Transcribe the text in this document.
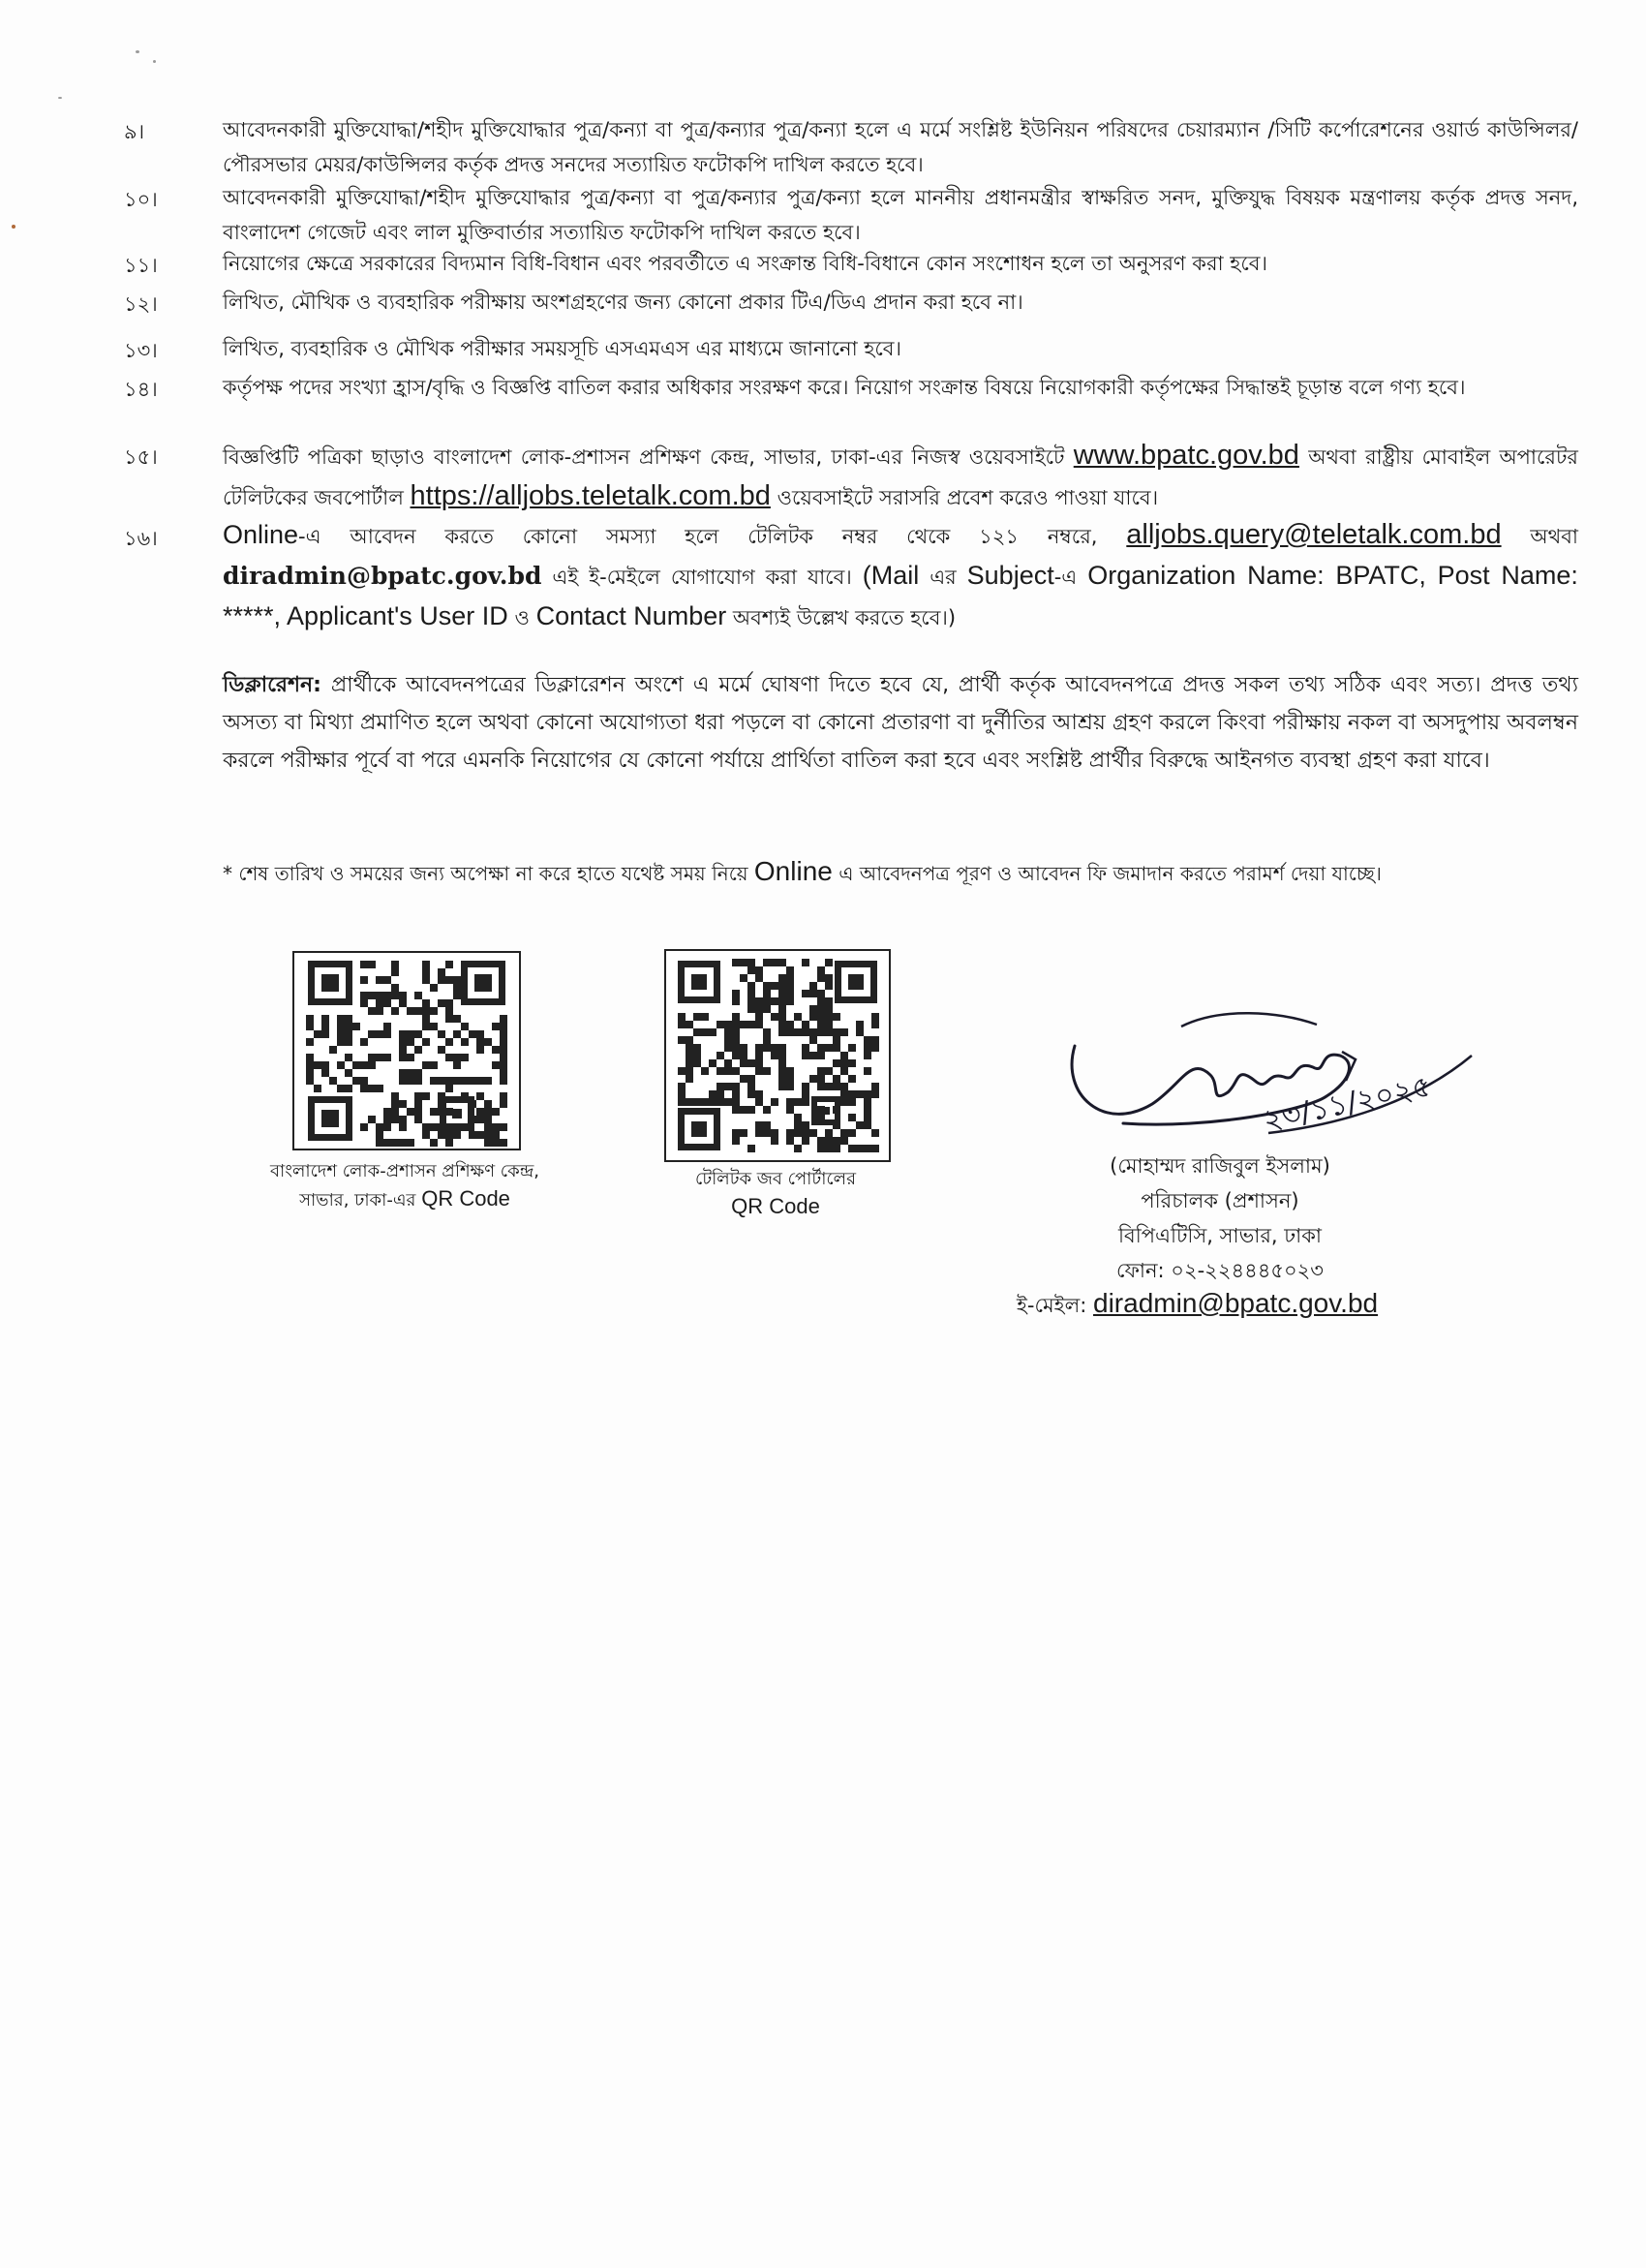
৯।	আবেদনকারী মুক্তিযোদ্ধা/শহীদ মুক্তিযোদ্ধার পুত্র/কন্যা বা পুত্র/কন্যার পুত্র/কন্যা হলে এ মর্মে সংশ্লিষ্ট ইউনিয়ন পরিষদের চেয়ারম্যান /সিটি কর্পোরেশনের ওয়ার্ড কাউন্সিলর/পৌরসভার মেয়র/কাউন্সিলর কর্তৃক প্রদত্ত সনদের সত্যায়িত ফটোকপি দাখিল করতে হবে।
১০।	আবেদনকারী মুক্তিযোদ্ধা/শহীদ মুক্তিযোদ্ধার পুত্র/কন্যা বা পুত্র/কন্যার পুত্র/কন্যা হলে মাননীয় প্রধানমন্ত্রীর স্বাক্ষরিত সনদ, মুক্তিযুদ্ধ বিষয়ক মন্ত্রণালয় কর্তৃক প্রদত্ত সনদ, বাংলাদেশ গেজেট এবং লাল মুক্তিবার্তার সত্যায়িত ফটোকপি দাখিল করতে হবে।
১১।	নিয়োগের ক্ষেত্রে সরকারের বিদ্যমান বিধি-বিধান এবং পরবর্তীতে এ সংক্রান্ত বিধি-বিধানে কোন সংশোধন হলে তা অনুসরণ করা হবে।
১২।	লিখিত, মৌখিক ও ব্যবহারিক পরীক্ষায় অংশগ্রহণের জন্য কোনো প্রকার টিএ/ডিএ প্রদান করা হবে না।
১৩।	লিখিত, ব্যবহারিক ও মৌখিক পরীক্ষার সময়সূচি এসএমএস এর মাধ্যমে জানানো হবে।
১৪।	কর্তৃপক্ষ পদের সংখ্যা হ্রাস/বৃদ্ধি ও বিজ্ঞপ্তি বাতিল করার অধিকার সংরক্ষণ করে। নিয়োগ সংক্রান্ত বিষয়ে নিয়োগকারী কর্তৃপক্ষের সিদ্ধান্তই চূড়ান্ত বলে গণ্য হবে।
১৫।	বিজ্ঞপ্তিটি পত্রিকা ছাড়াও বাংলাদেশ লোক-প্রশাসন প্রশিক্ষণ কেন্দ্র, সাভার, ঢাকা-এর নিজস্ব ওয়েবসাইটে www.bpatc.gov.bd অথবা রাষ্ট্রীয় মোবাইল অপারেটর টেলিটকের জবপোর্টাল https://alljobs.teletalk.com.bd ওয়েবসাইটে সরাসরি প্রবেশ করেও পাওয়া যাবে।
১৬। Online-এ আবেদন করতে কোনো সমস্যা হলে টেলিটক নম্বর থেকে ১২১ নম্বরে, alljobs.query@teletalk.com.bd অথবা diradmin@bpatc.gov.bd এই ই-মেইলে যোগাযোগ করা যাবে। (Mail এর Subject-এ Organization Name: BPATC, Post Name: *****, Applicant's User ID ও Contact Number অবশ্যই উল্লেখ করতে হবে।)
ডিক্লারেশন: প্রার্থীকে আবেদনপত্রের ডিক্লারেশন অংশে এ মর্মে ঘোষণা দিতে হবে যে, প্রার্থী কর্তৃক আবেদনপত্রে প্রদত্ত সকল তথ্য সঠিক এবং সত্য। প্রদত্ত তথ্য অসত্য বা মিথ্যা প্রমাণিত হলে অথবা কোনো অযোগ্যতা ধরা পড়লে বা কোনো প্রতারণা বা দুর্নীতির আশ্রয় গ্রহণ করলে কিংবা পরীক্ষায় নকল বা অসদুপায় অবলম্বন করলে পরীক্ষার পূর্বে বা পরে এমনকি নিয়োগের যে কোনো পর্যায়ে প্রার্থিতা বাতিল করা হবে এবং সংশ্লিষ্ট প্রার্থীর বিরুদ্ধে আইনগত ব্যবস্থা গ্রহণ করা যাবে।
* শেষ তারিখ ও সময়ের জন্য অপেক্ষা না করে হাতে যথেষ্ট সময় নিয়ে Online এ আবেদনপত্র পূরণ ও আবেদন ফি জমাদান করতে পরামর্শ দেয়া যাচ্ছে।
বাংলাদেশ লোক-প্রশাসন প্রশিক্ষণ কেন্দ্র,
সাভার, ঢাকা-এর QR Code
টেলিটক জব পোর্টালের
QR Code
২৩/১১/২০২৫
(মোহাম্মদ রাজিবুল ইসলাম)
পরিচালক (প্রশাসন)
বিপিএটিসি, সাভার, ঢাকা
ফোন: ০২-২২৪৪৪৫০২৩
ই-মেইল: diradmin@bpatc.gov.bd
